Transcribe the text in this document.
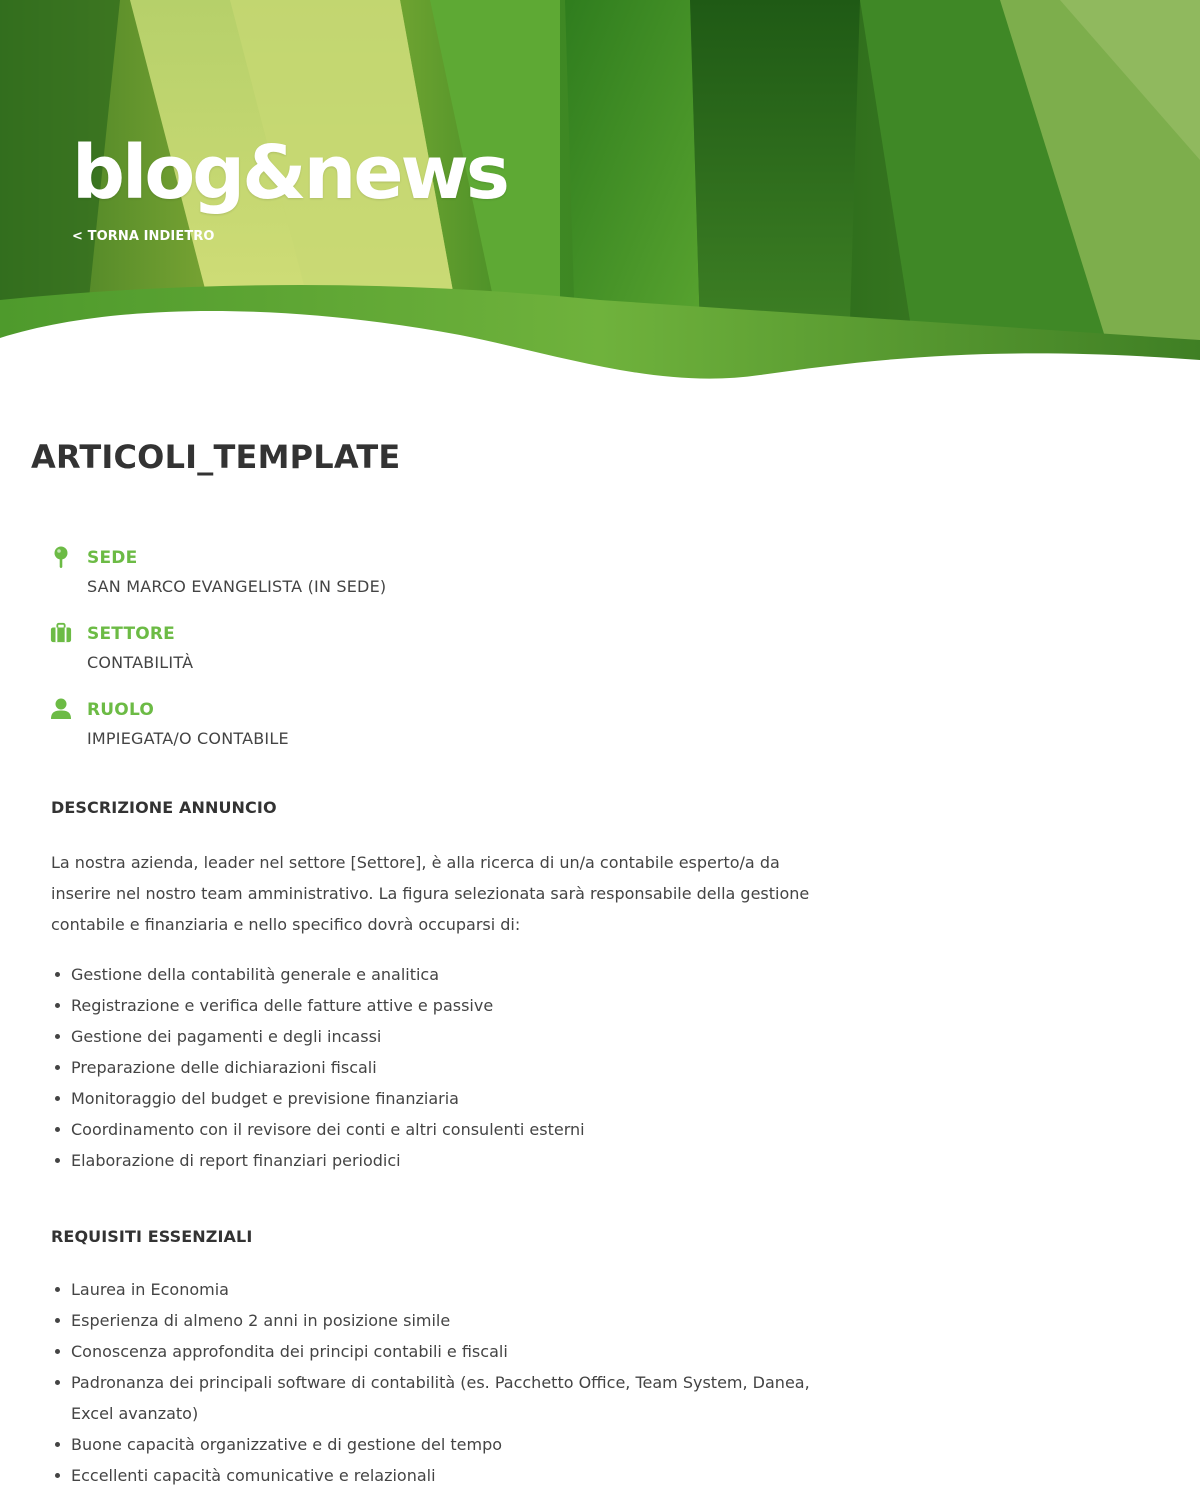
blog&news
< TORNA INDIETRO
ARTICOLI_TEMPLATE
SEDE
SAN MARCO EVANGELISTA (IN SEDE)
SETTORE
CONTABILITÀ
RUOLO
IMPIEGATA/O CONTABILE
DESCRIZIONE ANNUNCIO

La nostra azienda, leader nel settore [Settore], è alla ricerca di un/a contabile esperto/a da inserire nel nostro team amministrativo. La figura selezionata sarà responsabile della gestione contabile e finanziaria e nello specifico dovrà occuparsi di:

Gestione della contabilità generale e analitica
Registrazione e verifica delle fatture attive e passive
Gestione dei pagamenti e degli incassi
Preparazione delle dichiarazioni fiscali
Monitoraggio del budget e previsione finanziaria
Coordinamento con il revisore dei conti e altri consulenti esterni
Elaborazione di report finanziari periodici
REQUISITI ESSENZIALI
Laurea in Economia
Esperienza di almeno 2 anni in posizione simile
Conoscenza approfondita dei principi contabili e fiscali
Padronanza dei principali software di contabilità (es. Pacchetto Office, Team System, Danea, Excel avanzato)
Buone capacità organizzative e di gestione del tempo
Eccellenti capacità comunicative e relazionali
